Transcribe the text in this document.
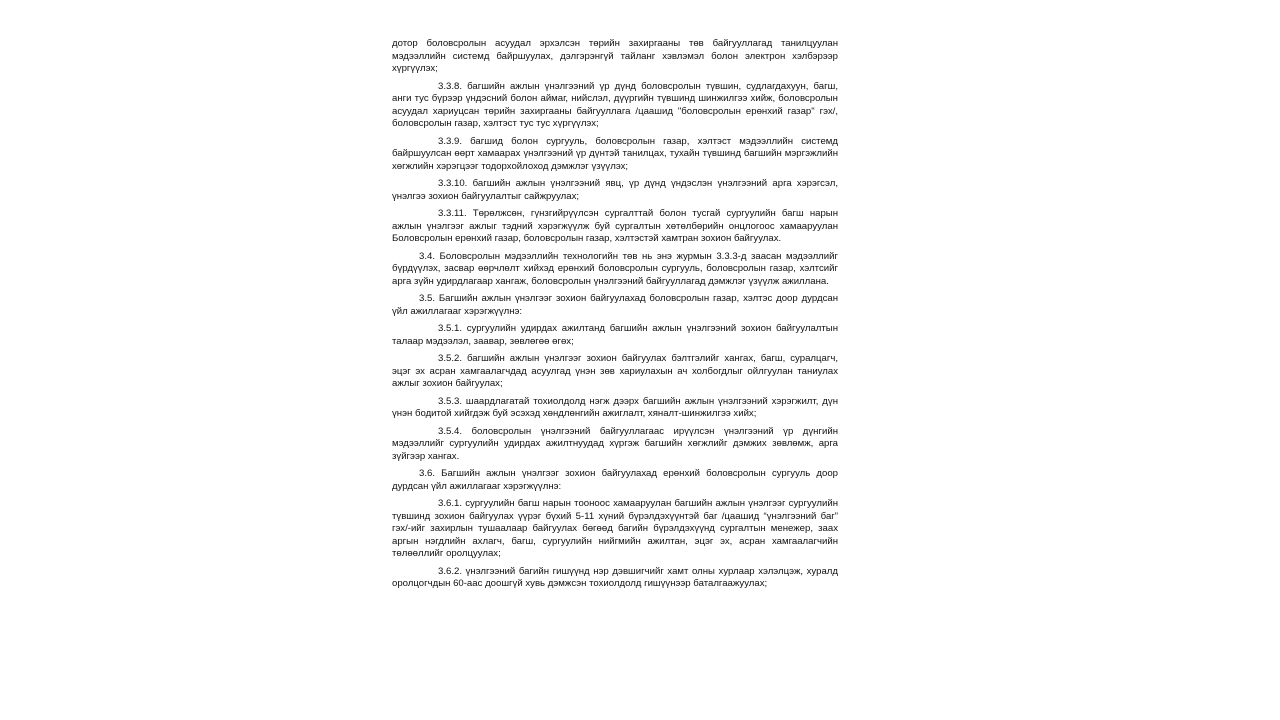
дотор боловсролын асуудал эрхэлсэн төрийн захиргааны төв байгууллагад танилцуулан мэдээллийн системд байршуулах, дэлгэрэнгүй тайланг хэвлэмэл болон электрон хэлбэрээр хүргүүлэх;

3.3.8. багшийн ажлын үнэлгээний үр дүнд боловсролын түвшин, судлагдахуун, багш, анги тус бүрээр үндэсний болон аймаг, нийслэл, дүүргийн түвшинд шинжилгээ хийж, боловсролын асуудал хариуцсан төрийн захиргааны байгууллага /цаашид "боловсролын ерөнхий газар" гэх/, боловсролын газар, хэлтэст тус тус хүргүүлэх;

3.3.9. багшид болон сургууль, боловсролын газар, хэлтэст мэдээллийн системд байршуулсан өөрт хамаарах үнэлгээний үр дүнтэй танилцах, тухайн түвшинд багшийн мэргэжлийн хөгжлийн хэрэгцээг тодорхойлоход дэмжлэг үзүүлэх;

3.3.10. багшийн ажлын үнэлгээний явц, үр дүнд үндэслэн үнэлгээний арга хэрэгсэл, үнэлгээ зохион байгуулалтыг сайжруулах;

3.3.11. Төрөлжсөн, гүнзгийрүүлсэн сургалттай болон тусгай сургуулийн багш нарын ажлын үнэлгээг ажлыг тэдний хэрэгжүүлж буй сургалтын хөтөлбөрийн онцлогоос хамааруулан Боловсролын ерөнхий газар, боловсролын газар, хэлтэстэй хамтран зохион байгуулах.

3.4. Боловсролын мэдээллийн технологийн төв нь энэ журмын 3.3.3-д заасан мэдээллийг бүрдүүлэх, засвар өөрчлөлт хийхэд ерөнхий боловсролын сургууль, боловсролын газар, хэлтсийг арга зүйн удирдлагаар хангаж, боловсролын үнэлгээний байгууллагад дэмжлэг үзүүлж ажиллана.

3.5. Багшийн ажлын үнэлгээг зохион байгуулахад боловсролын газар, хэлтэс доор дурдсан үйл ажиллагааг хэрэгжүүлнэ:

3.5.1. сургуулийн удирдах ажилтанд багшийн ажлын үнэлгээний зохион байгуулалтын талаар мэдээлэл, заавар, зөвлөгөө өгөх;

3.5.2. багшийн ажлын үнэлгээг зохион байгуулах бэлтгэлийг хангах, багш, суралцагч, эцэг эх асран хамгаалагчдад асуулгад үнэн зөв хариулахын ач холбогдлыг ойлгуулан таниулах ажлыг зохион байгуулах;

3.5.3. шаардлагатай тохиолдолд нэгж дээрх багшийн ажлын үнэлгээний хэрэгжилт, дүн үнэн бодитой хийгдэж буй эсэхэд хөндлөнгийн ажиглалт, хяналт-шинжилгээ хийх;

3.5.4. боловсролын үнэлгээний байгууллагаас ирүүлсэн үнэлгээний үр дүнгийн мэдээллийг сургуулийн удирдах ажилтнуудад хүргэж багшийн хөгжлийг дэмжих зөвлөмж, арга зүйгээр хангах.

3.6. Багшийн ажлын үнэлгээг зохион байгуулахад ерөнхий боловсролын сургууль доор дурдсан үйл ажиллагааг хэрэгжүүлнэ:

3.6.1. сургуулийн багш нарын тооноос хамааруулан багшийн ажлын үнэлгээг сургуулийн түвшинд зохион байгуулах үүрэг бүхий 5-11 хүний бүрэлдэхүүнтэй баг /цаашид “үнэлгээний баг” гэх/-ийг захирлын тушаалаар байгуулах бөгөөд багийн бүрэлдэхүүнд сургалтын менежер, заах аргын нэгдлийн ахлагч, багш, сургуулийн нийгмийн ажилтан, эцэг эх, асран хамгаалагчийн төлөөллийг оролцуулах;

3.6.2. үнэлгээний багийн гишүүнд нэр дэвшигчийг хамт олны хурлаар хэлэлцэж, хуралд оролцогчдын 60-аас доошгүй хувь дэмжсэн тохиолдолд гишүүнээр баталгаажуулах;
